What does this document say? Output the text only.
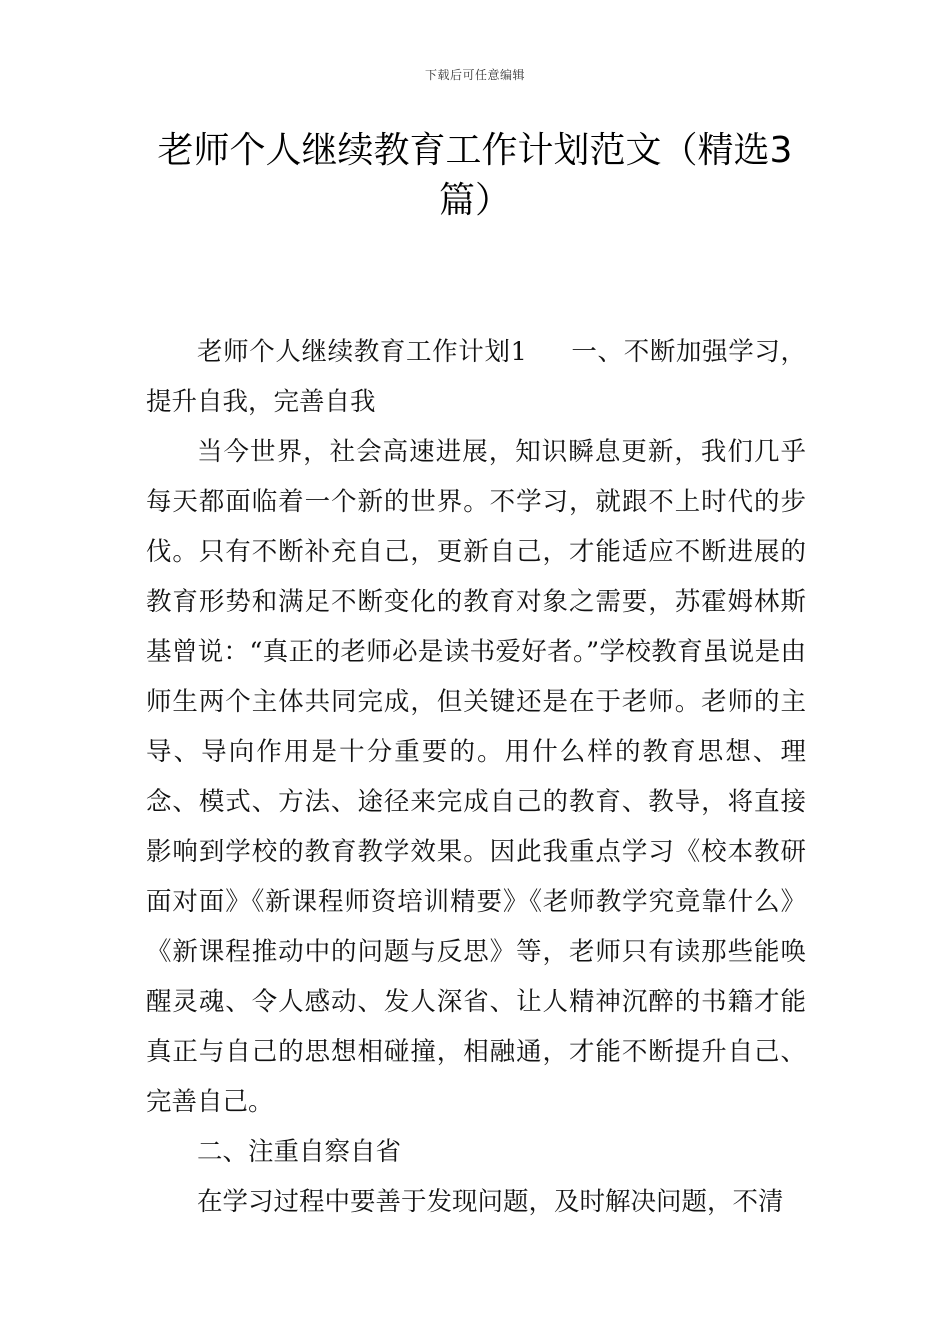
下载后可任意编辑
老师个人继续教育工作计划范文（精选3篇）

老师个人继续教育工作计划1 一、不断加强学习，提升自我，完善自我

当今世界，社会高速进展，知识瞬息更新，我们几乎每天都面临着一个新的世界。不学习，就跟不上时代的步伐。只有不断补充自己，更新自己，才能适应不断进展的教育形势和满足不断变化的教育对象之需要，苏霍姆林斯基曾说：“真正的老师必是读书爱好者。”学校教育虽说是由师生两个主体共同完成，但关键还是在于老师。老师的主导、导向作用是十分重要的。用什么样的教育思想、理念、模式、方法、途径来完成自己的教育、教导，将直接影响到学校的教育教学效果。因此我重点学习《校本教研面对面》《新课程师资培训精要》《老师教学究竟靠什么》《新课程推动中的问题与反思》等，老师只有读那些能唤醒灵魂、令人感动、发人深省、让人精神沉醉的书籍才能真正与自己的思想相碰撞，相融通，才能不断提升自己、完善自己。

二、注重自察自省

在学习过程中要善于发现问题，及时解决问题，不清
